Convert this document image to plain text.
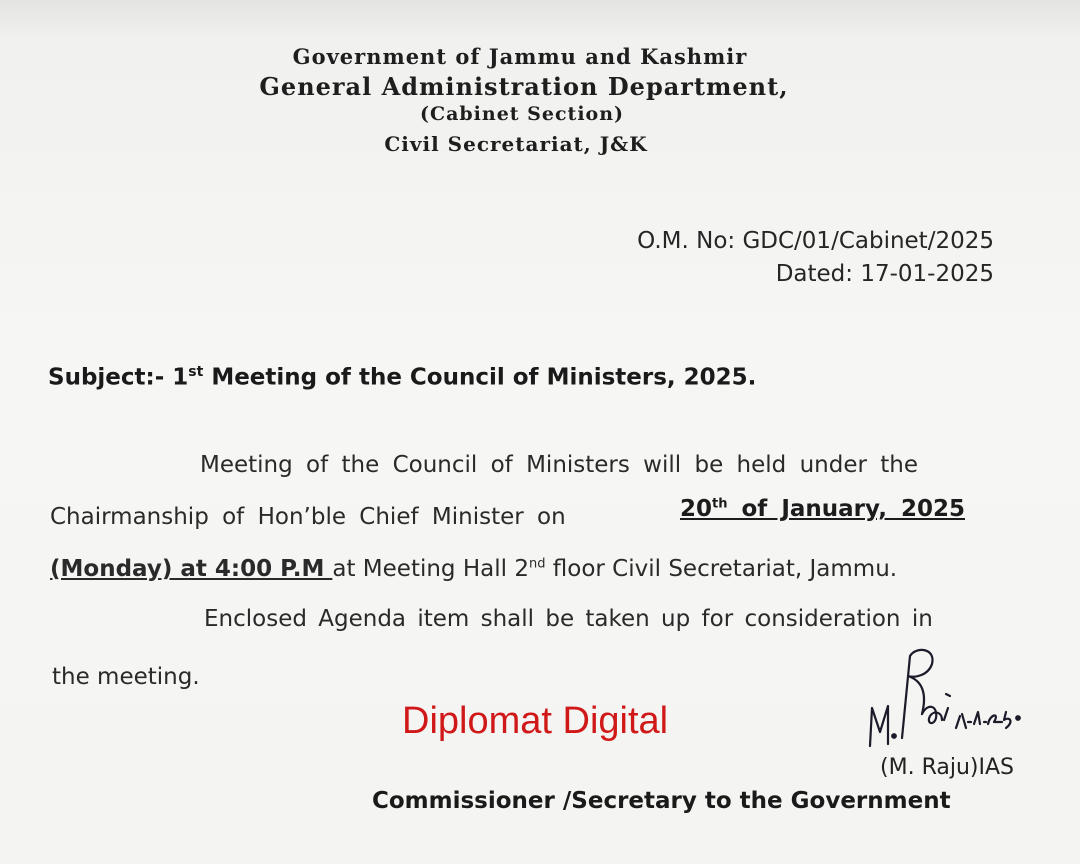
Government of Jammu and Kashmir
General Administration Department,
(Cabinet Section)
Civil Secretariat, J&K
O.M. No: GDC/01/Cabinet/2025
Dated: 17-01-2025
Subject:- 1st Meeting of the Council of Ministers, 2025.
Meeting of the Council of Ministers will be held under the
Chairmanship of Hon’ble Chief Minister on	20th of January, 2025
(Monday) at 4:00 P.M at Meeting Hall 2nd floor Civil Secretariat, Jammu.
Enclosed Agenda item shall be taken up for consideration in
the meeting.
Diplomat Digital
(M. Raju)IAS
Commissioner /Secretary to the Government
